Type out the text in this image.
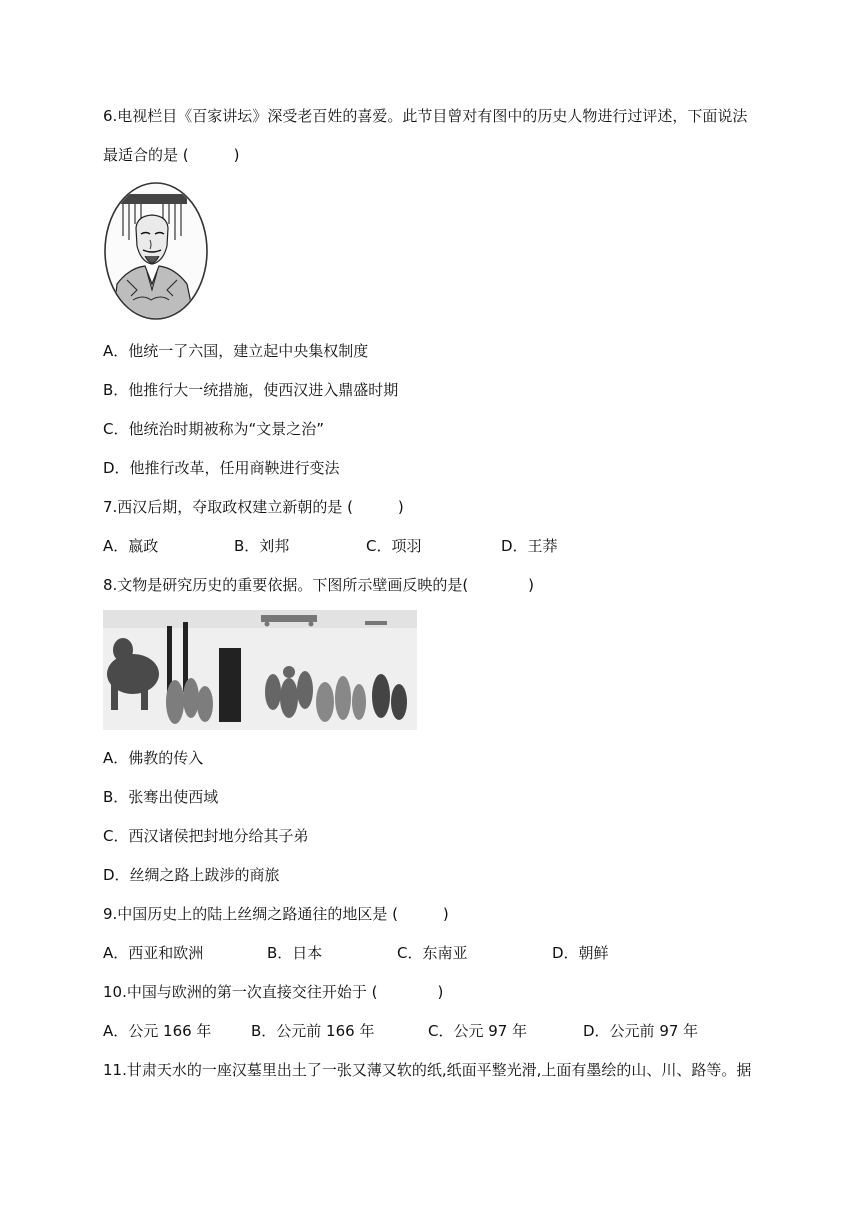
6.电视栏目《百家讲坛》深受老百姓的喜爱。此节目曾对有图中的历史人物进行过评述，下面说法
最适合的是 (　　　)
A．他统一了六国，建立起中央集权制度
B．他推行大一统措施，使西汉进入鼎盛时期
C．他统治时期被称为“文景之治”
D．他推行改革，任用商鞅进行变法
7.西汉后期，夺取政权建立新朝的是 (　　　)
A．嬴政	B．刘邦	C．项羽	D．王莽
8.文物是研究历史的重要依据。下图所示壁画反映的是(　　　　)
A．佛教的传入
B．张骞出使西域
C．西汉诸侯把封地分给其子弟
D．丝绸之路上跋涉的商旅
9.中国历史上的陆上丝绸之路通往的地区是 (　　　)
A．西亚和欧洲	B．日本	C．东南亚	D．朝鲜
10.中国与欧洲的第一次直接交往开始于 (　　　　)
A．公元 166 年	B．公元前 166 年	C．公元 97 年	D．公元前 97 年
11.甘肃天水的一座汉墓里出土了一张又薄又软的纸,纸面平整光滑,上面有墨绘的山、川、路等。据
